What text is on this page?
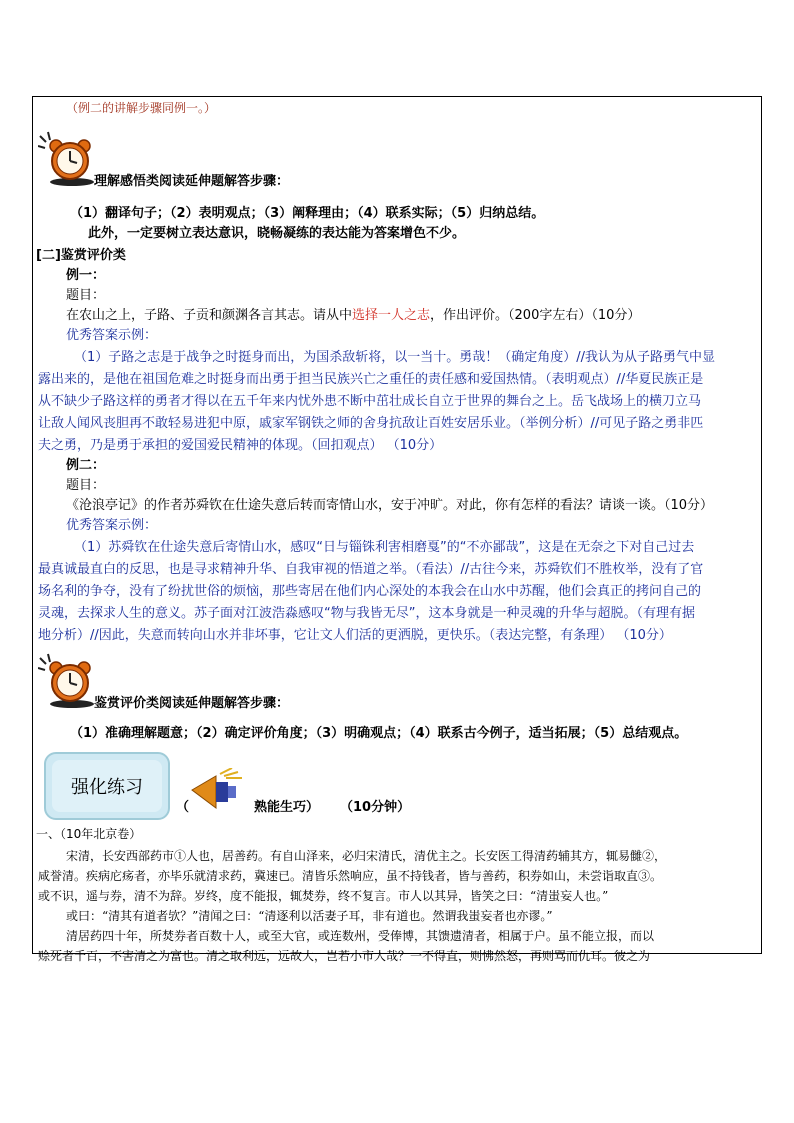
（例二的讲解步骤同例一。）
理解感悟类阅读延伸题解答步骤：
（1）翻译句子；（2）表明观点；（3）阐释理由；（4）联系实际；（5）归纳总结。
此外，一定要树立表达意识，晓畅凝练的表达能为答案增色不少。
[二]鉴赏评价类
例一：
题目：
在农山之上，子路、子贡和颜渊各言其志。请从中选择一人之志，作出评价。（200字左右）（10分）
优秀答案示例：
（1）子路之志是于战争之时挺身而出，为国杀敌斩将，以一当十。勇哉！（确定角度）//我认为从子路勇气中显
露出来的，是他在祖国危难之时挺身而出勇于担当民族兴亡之重任的责任感和爱国热情。（表明观点）//华夏民族正是
从不缺少子路这样的勇者才得以在五千年来内忧外患不断中茁壮成长自立于世界的舞台之上。岳飞战场上的横刀立马
让敌人闻风丧胆再不敢轻易进犯中原，戚家军钢铁之师的舍身抗敌让百姓安居乐业。（举例分析）//可见子路之勇非匹
夫之勇，乃是勇于承担的爱国爱民精神的体现。（回扣观点） （10分）
例二：
题目：
《沧浪亭记》的作者苏舜钦在仕途失意后转而寄情山水，安于冲旷。对此，你有怎样的看法？请谈一谈。（10分）
优秀答案示例：
（1）苏舜钦在仕途失意后寄情山水，感叹“日与锱铢利害相磨戛”的“不亦鄙哉”，这是在无奈之下对自己过去
最真诚最直白的反思，也是寻求精神升华、自我审视的悟道之举。（看法）//古往今来，苏舜钦们不胜枚举，没有了官
场名利的争夺，没有了纷扰世俗的烦恼，那些寄居在他们内心深处的本我会在山水中苏醒，他们会真正的拷问自己的
灵魂，去探求人生的意义。苏子面对江波浩淼感叹“物与我皆无尽”，这本身就是一种灵魂的升华与超脱。（有理有据
地分析）//因此，失意而转向山水并非坏事，它让文人们活的更洒脱，更快乐。（表达完整，有条理） （10分）
鉴赏评价类阅读延伸题解答步骤：
（1）准确理解题意；（2）确定评价角度；（3）明确观点；（4）联系古今例子，适当拓展；（5）总结观点。
强化练习
（	熟能生巧） （10分钟）
一、（10年北京卷）
宋清，长安西部药市①人也，居善药。有自山泽来，必归宋清氏，清优主之。长安医工得清药辅其方，辄易雠②，
咸誉清。疾病庀疡者，亦毕乐就清求药，冀速已。清皆乐然响应，虽不持钱者，皆与善药，积券如山，未尝诣取直③。
或不识，遥与券，清不为辞。岁终，度不能报，辄焚券，终不复言。市人以其异，皆笑之曰：“清蚩妄人也。”
或曰：“清其有道者欤？”清闻之曰：“清逐利以活妻子耳，非有道也。然谓我蚩妄者也亦谬。”
清居药四十年，所焚券者百数十人，或至大官，或连数州，受俸博，其馈遗清者，相属于户。虽不能立报，而以
赊死者千百，不害清之为富也。清之取利远，远故大，岂若小市人哉？一不得直，则怫然怒，再则骂而仇耳。彼之为
